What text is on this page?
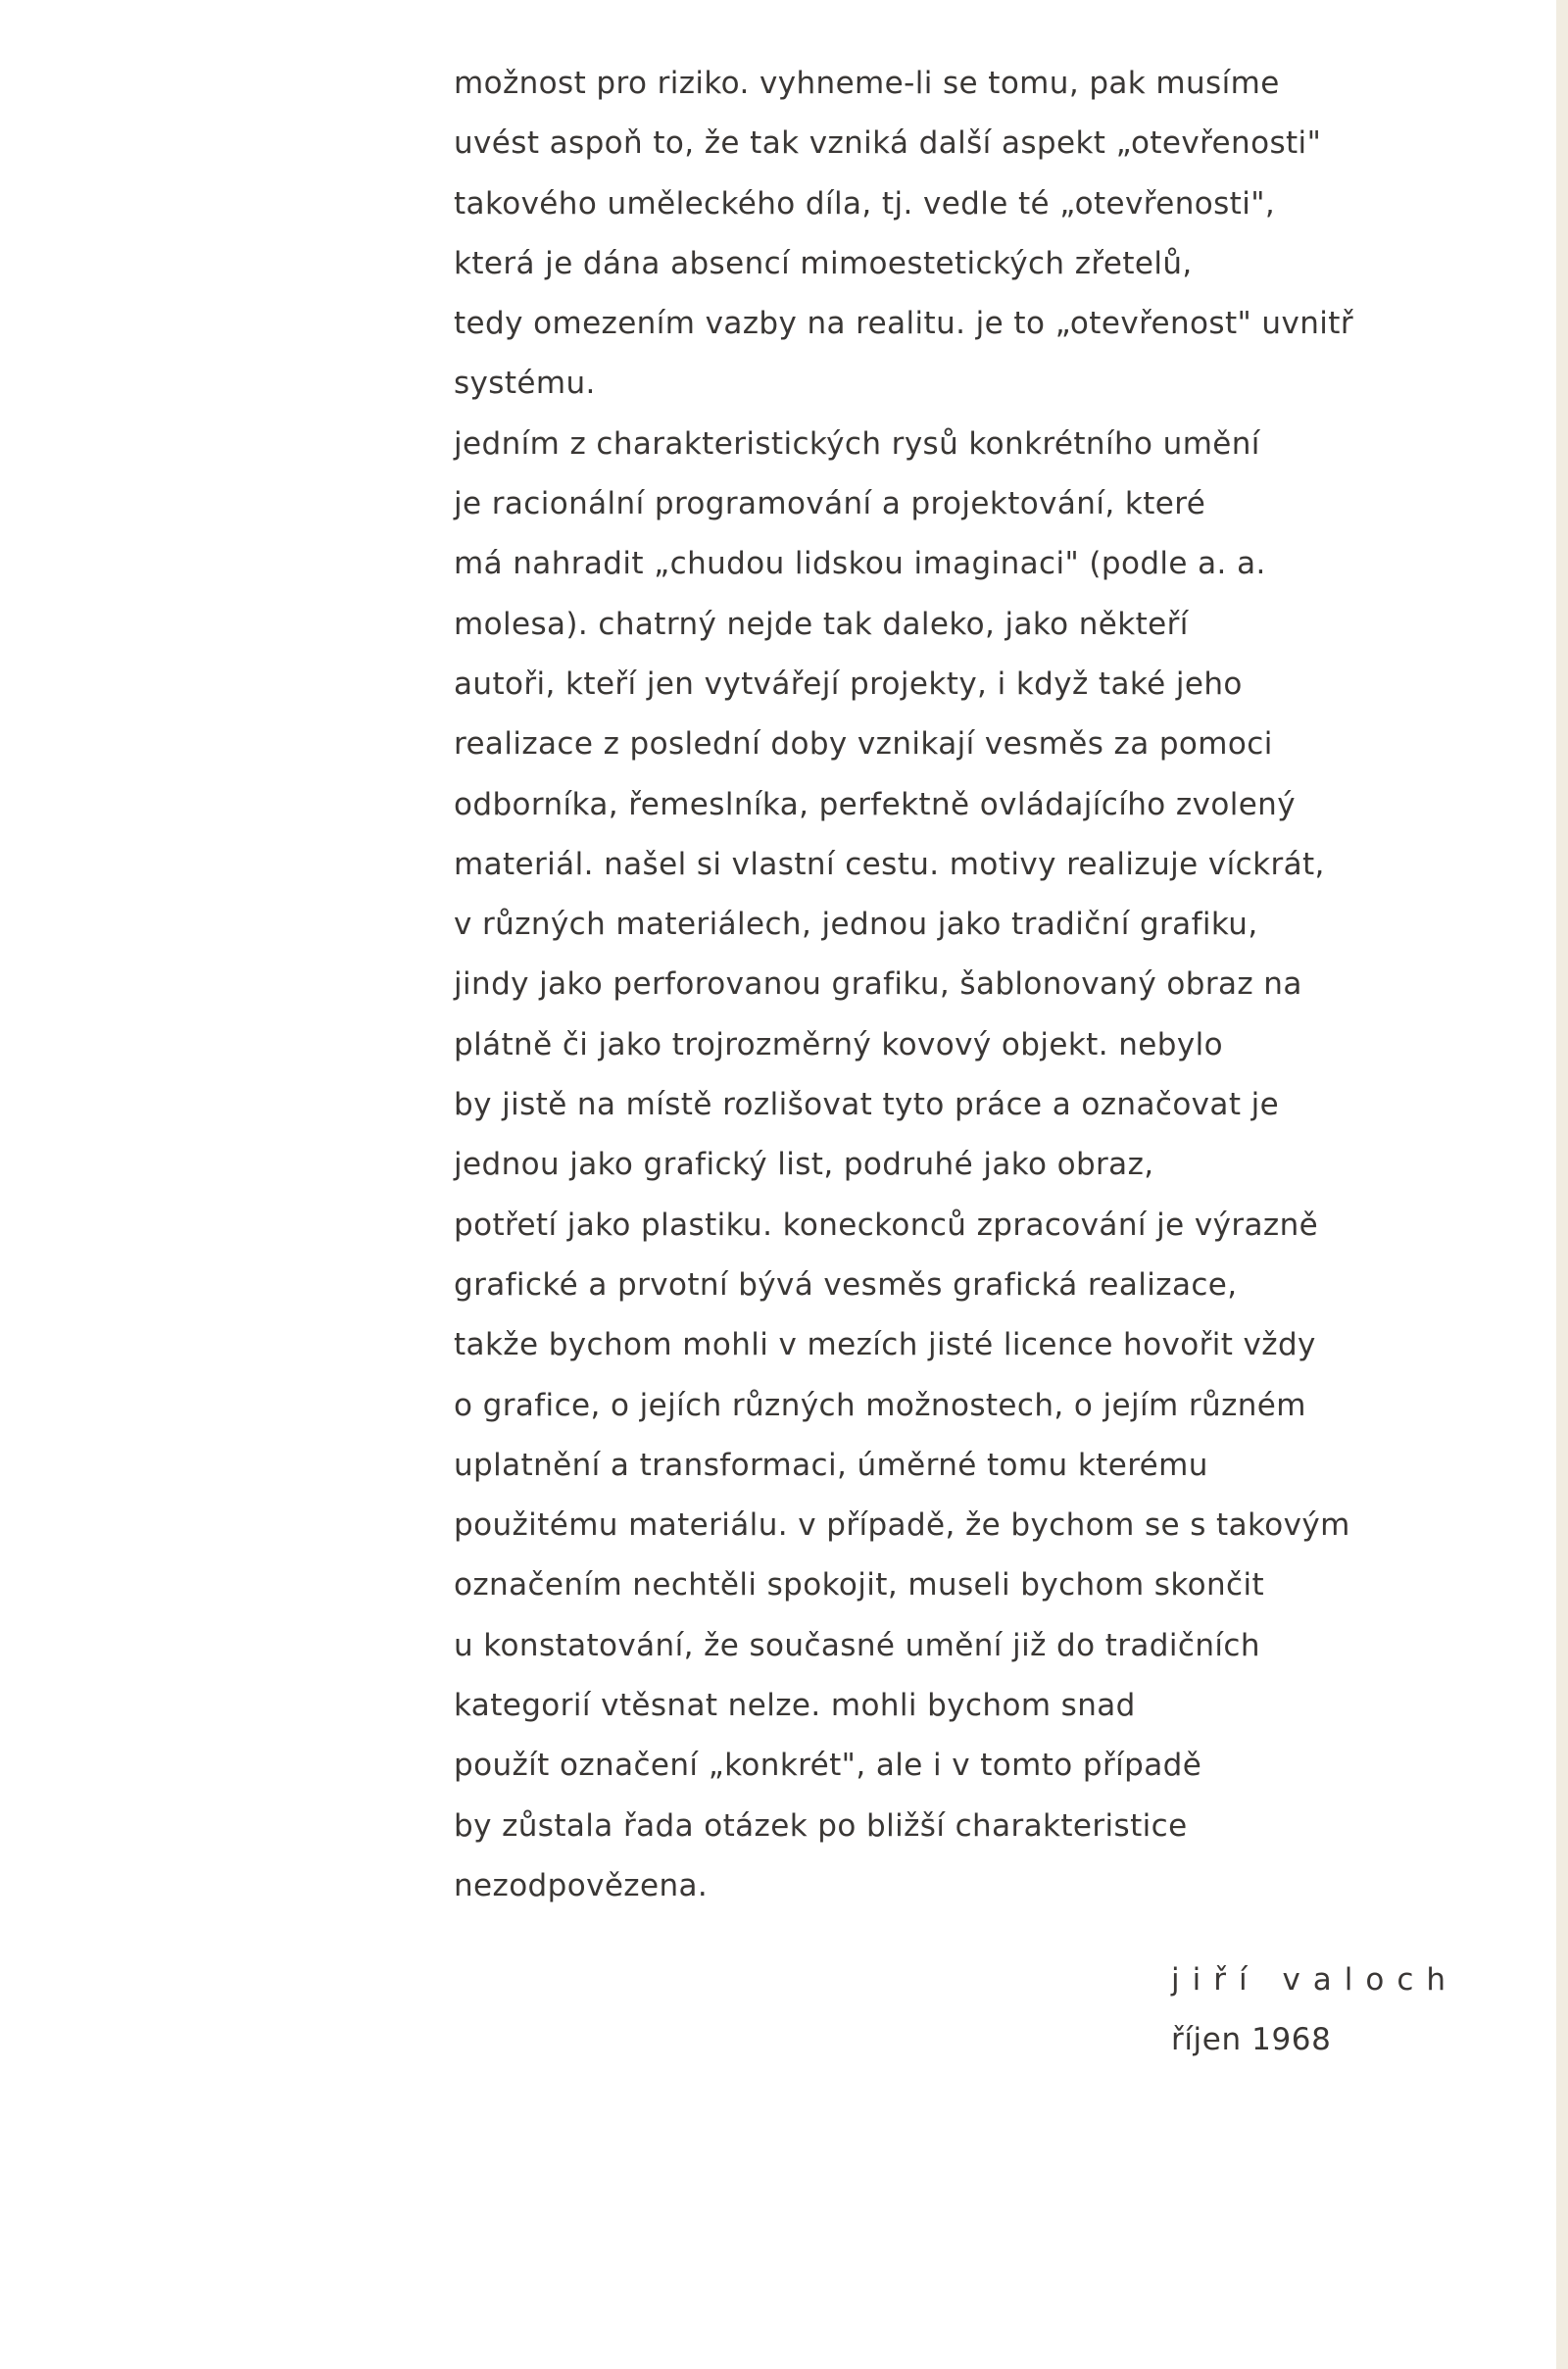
možnost pro riziko. vyhneme-li se tomu, pak musíme
uvést aspoň to, že tak vzniká další aspekt „otevřenosti"
takového uměleckého díla, tj. vedle té „otevřenosti",
která je dána absencí mimoestetických zřetelů,
tedy omezením vazby na realitu. je to „otevřenost" uvnitř
systému.
jedním z charakteristických rysů konkrétního umění
je racionální programování a projektování, které
má nahradit „chudou lidskou imaginaci" (podle a. a.
molesa). chatrný nejde tak daleko, jako někteří
autoři, kteří jen vytvářejí projekty, i když také jeho
realizace z poslední doby vznikají vesměs za pomoci
odborníka, řemeslníka, perfektně ovládajícího zvolený
materiál. našel si vlastní cestu. motivy realizuje víckrát,
v různých materiálech, jednou jako tradiční grafiku,
jindy jako perforovanou grafiku, šablonovaný obraz na
plátně či jako trojrozměrný kovový objekt. nebylo
by jistě na místě rozlišovat tyto práce a označovat je
jednou jako grafický list, podruhé jako obraz,
potřetí jako plastiku. koneckonců zpracování je výrazně
grafické a prvotní bývá vesměs grafická realizace,
takže bychom mohli v mezích jisté licence hovořit vždy
o grafice, o jejích různých možnostech, o jejím různém
uplatnění a transformaci, úměrné tomu kterému
použitému materiálu. v případě, že bychom se s takovým
označením nechtěli spokojit, museli bychom skončit
u konstatování, že současné umění již do tradičních
kategorií vtěsnat nelze. mohli bychom snad
použít označení „konkrét", ale i v tomto případě
by zůstala řada otázek po bližší charakteristice
nezodpovězena.
jiří valoch
říjen 1968
